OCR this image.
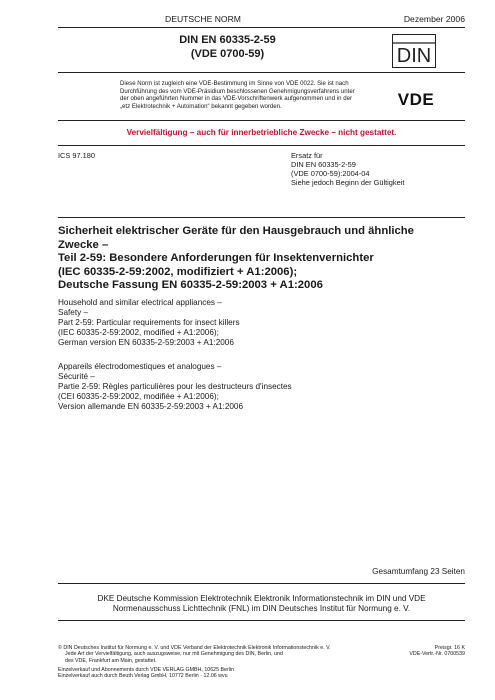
DEUTSCHE NORM	Dezember 2006
DIN EN 60335-2-59
(VDE 0700-59)	DIN
Diese Norm ist zugleich eine VDE-Bestimmung im Sinne von VDE 0022. Sie ist nach
Durchführung des vom VDE-Präsidium beschlossenen Genehmigungsverfahrens unter
der oben angeführten Nummer in das VDE-Vorschriftenwerk aufgenommen und in der
„etz Elektrotechnik + Automation“ bekannt gegeben worden.	VDE
Vervielfältigung – auch für innerbetriebliche Zwecke – nicht gestattet.
ICS 97.180	Ersatz für
DIN EN 60335-2-59
(VDE 0700-59):2004-04
Siehe jedoch Beginn der Gültigkeit
Sicherheit elektrischer Geräte für den Hausgebrauch und ähnliche
Zwecke –
Teil 2-59: Besondere Anforderungen für Insektenvernichter
(IEC 60335-2-59:2002, modifiziert + A1:2006);
Deutsche Fassung EN 60335-2-59:2003 + A1:2006
Household and similar electrical appliances –
Safety –
Part 2-59: Particular requirements for insect killers
(IEC 60335-2-59:2002, modified + A1:2006);
German version EN 60335-2-59:2003 + A1:2006
Appareils électrodomestiques et analogues –
Sécurité –
Partie 2-59: Règles particulières pour les destructeurs d'insectes
(CEI 60335-2-59:2002, modifiée + A1:2006);
Version allemande EN 60335-2-59:2003 + A1:2006
Gesamtumfang 23 Seiten
DKE Deutsche Kommission Elektrotechnik Elektronik Informationstechnik im DIN und VDE
Normenausschuss Lichttechnik (FNL) im DIN Deutsches Institut für Normung e. V.
© DIN Deutsches Institut für Normung e. V. und VDE Verband der Elektrotechnik Elektronik Informationstechnik e. V.
Jede Art der Vervielfältigung, auch auszugsweise, nur mit Genehmigung des DIN, Berlin, und
des VDE, Frankfurt am Main, gestattet.
Einzelverkauf und Abonnements durch VDE VERLAG GMBH, 10625 Berlin
Einzelverkauf auch durch Beuth Verlag GmbH, 10772 Berlin · 12.06 wvu
Preisgr. 16 K
VDE-Vertr.-Nr. 0700539
